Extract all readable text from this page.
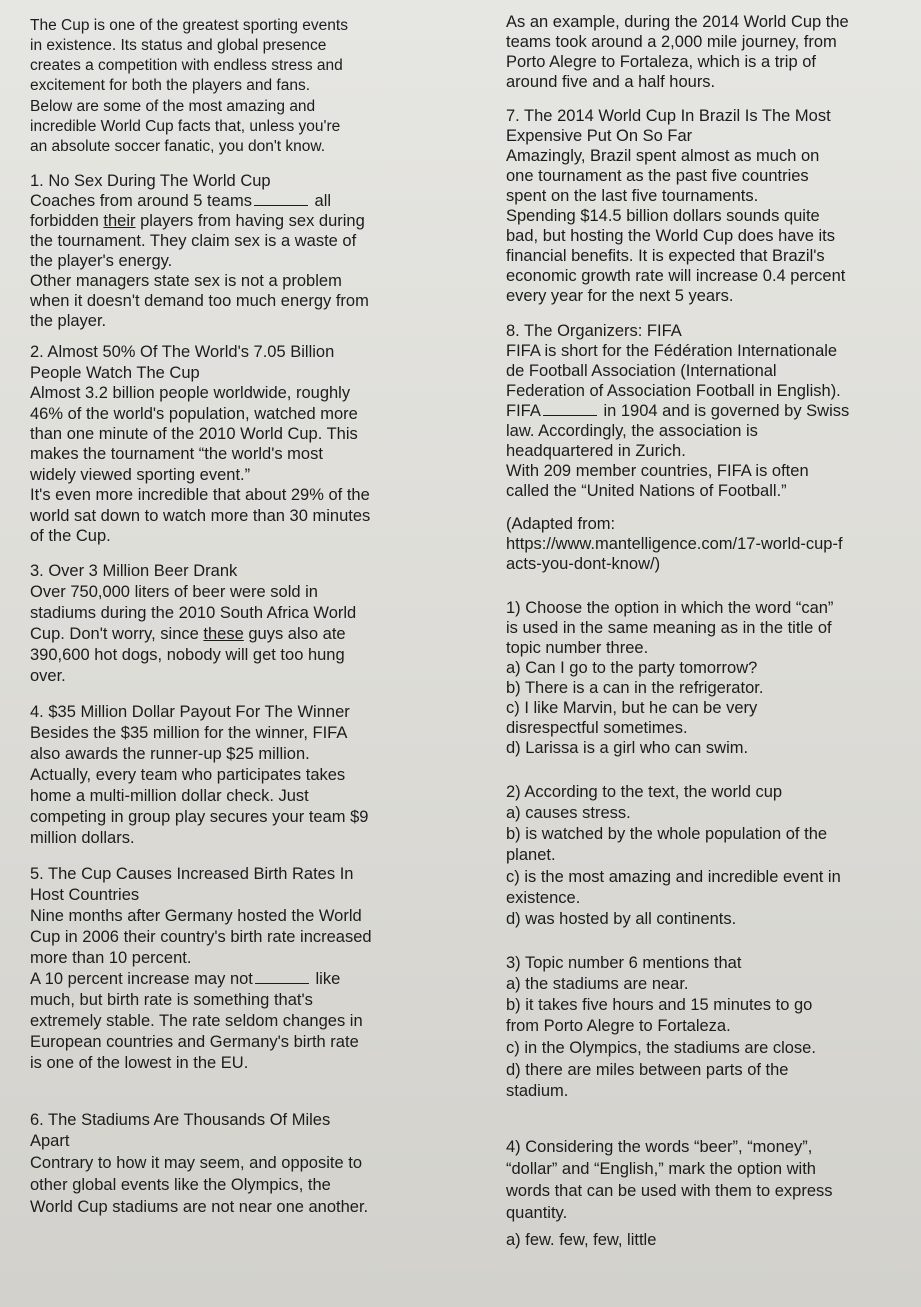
The Cup is one of the greatest sporting events
in existence. Its status and global presence
creates a competition with endless stress and
excitement for both the players and fans.
Below are some of the most amazing and
incredible World Cup facts that, unless you're
an absolute soccer fanatic, you don't know.
1. No Sex During The World Cup
Coaches from around 5 teams	all
forbidden their players from having sex during
the tournament. They claim sex is a waste of
the player's energy.
Other managers state sex is not a problem
when it doesn't demand too much energy from
the player.
2. Almost 50% Of The World's 7.05 Billion
People Watch The Cup
Almost 3.2 billion people worldwide, roughly
46% of the world's population, watched more
than one minute of the 2010 World Cup. This
makes the tournament “the world's most
widely viewed sporting event.”
It's even more incredible that about 29% of the
world sat down to watch more than 30 minutes
of the Cup.
3. Over 3 Million Beer Drank
Over 750,000 liters of beer were sold in
stadiums during the 2010 South Africa World
Cup. Don't worry, since these guys also ate
390,600 hot dogs, nobody will get too hung
over.
4. $35 Million Dollar Payout For The Winner
Besides the $35 million for the winner, FIFA
also awards the runner-up $25 million.
Actually, every team who participates takes
home a multi-million dollar check. Just
competing in group play secures your team $9
million dollars.
5. The Cup Causes Increased Birth Rates In
Host Countries
Nine months after Germany hosted the World
Cup in 2006 their country's birth rate increased
more than 10 percent.
A 10 percent increase may not	like
much, but birth rate is something that's
extremely stable. The rate seldom changes in
European countries and Germany's birth rate
is one of the lowest in the EU.
6. The Stadiums Are Thousands Of Miles
Apart
Contrary to how it may seem, and opposite to
other global events like the Olympics, the
World Cup stadiums are not near one another.
As an example, during the 2014 World Cup the
teams took around a 2,000 mile journey, from
Porto Alegre to Fortaleza, which is a trip of
around five and a half hours.
7. The 2014 World Cup In Brazil Is The Most
Expensive Put On So Far
Amazingly, Brazil spent almost as much on
one tournament as the past five countries
spent on the last five tournaments.
Spending $14.5 billion dollars sounds quite
bad, but hosting the World Cup does have its
financial benefits. It is expected that Brazil's
economic growth rate will increase 0.4 percent
every year for the next 5 years.
8. The Organizers: FIFA
FIFA is short for the Fédération Internationale
de Football Association (International
Federation of Association Football in English).
FIFA	in 1904 and is governed by Swiss
law. Accordingly, the association is
headquartered in Zurich.
With 209 member countries, FIFA is often
called the “United Nations of Football.”
(Adapted from:
https://www.mantelligence.com/17-world-cup-f
acts-you-dont-know/)
1) Choose the option in which the word “can”
is used in the same meaning as in the title of
topic number three.
a) Can I go to the party tomorrow?
b) There is a can in the refrigerator.
c) I like Marvin, but he can be very
disrespectful sometimes.
d) Larissa is a girl who can swim.
2) According to the text, the world cup
a) causes stress.
b) is watched by the whole population of the
planet.
c) is the most amazing and incredible event in
existence.
d) was hosted by all continents.
3) Topic number 6 mentions that
a) the stadiums are near.
b) it takes five hours and 15 minutes to go
from Porto Alegre to Fortaleza.
c) in the Olympics, the stadiums are close.
d) there are miles between parts of the
stadium.
4) Considering the words “beer”, “money”,
“dollar” and “English,” mark the option with
words that can be used with them to express
quantity.
a) few. few, few, little
